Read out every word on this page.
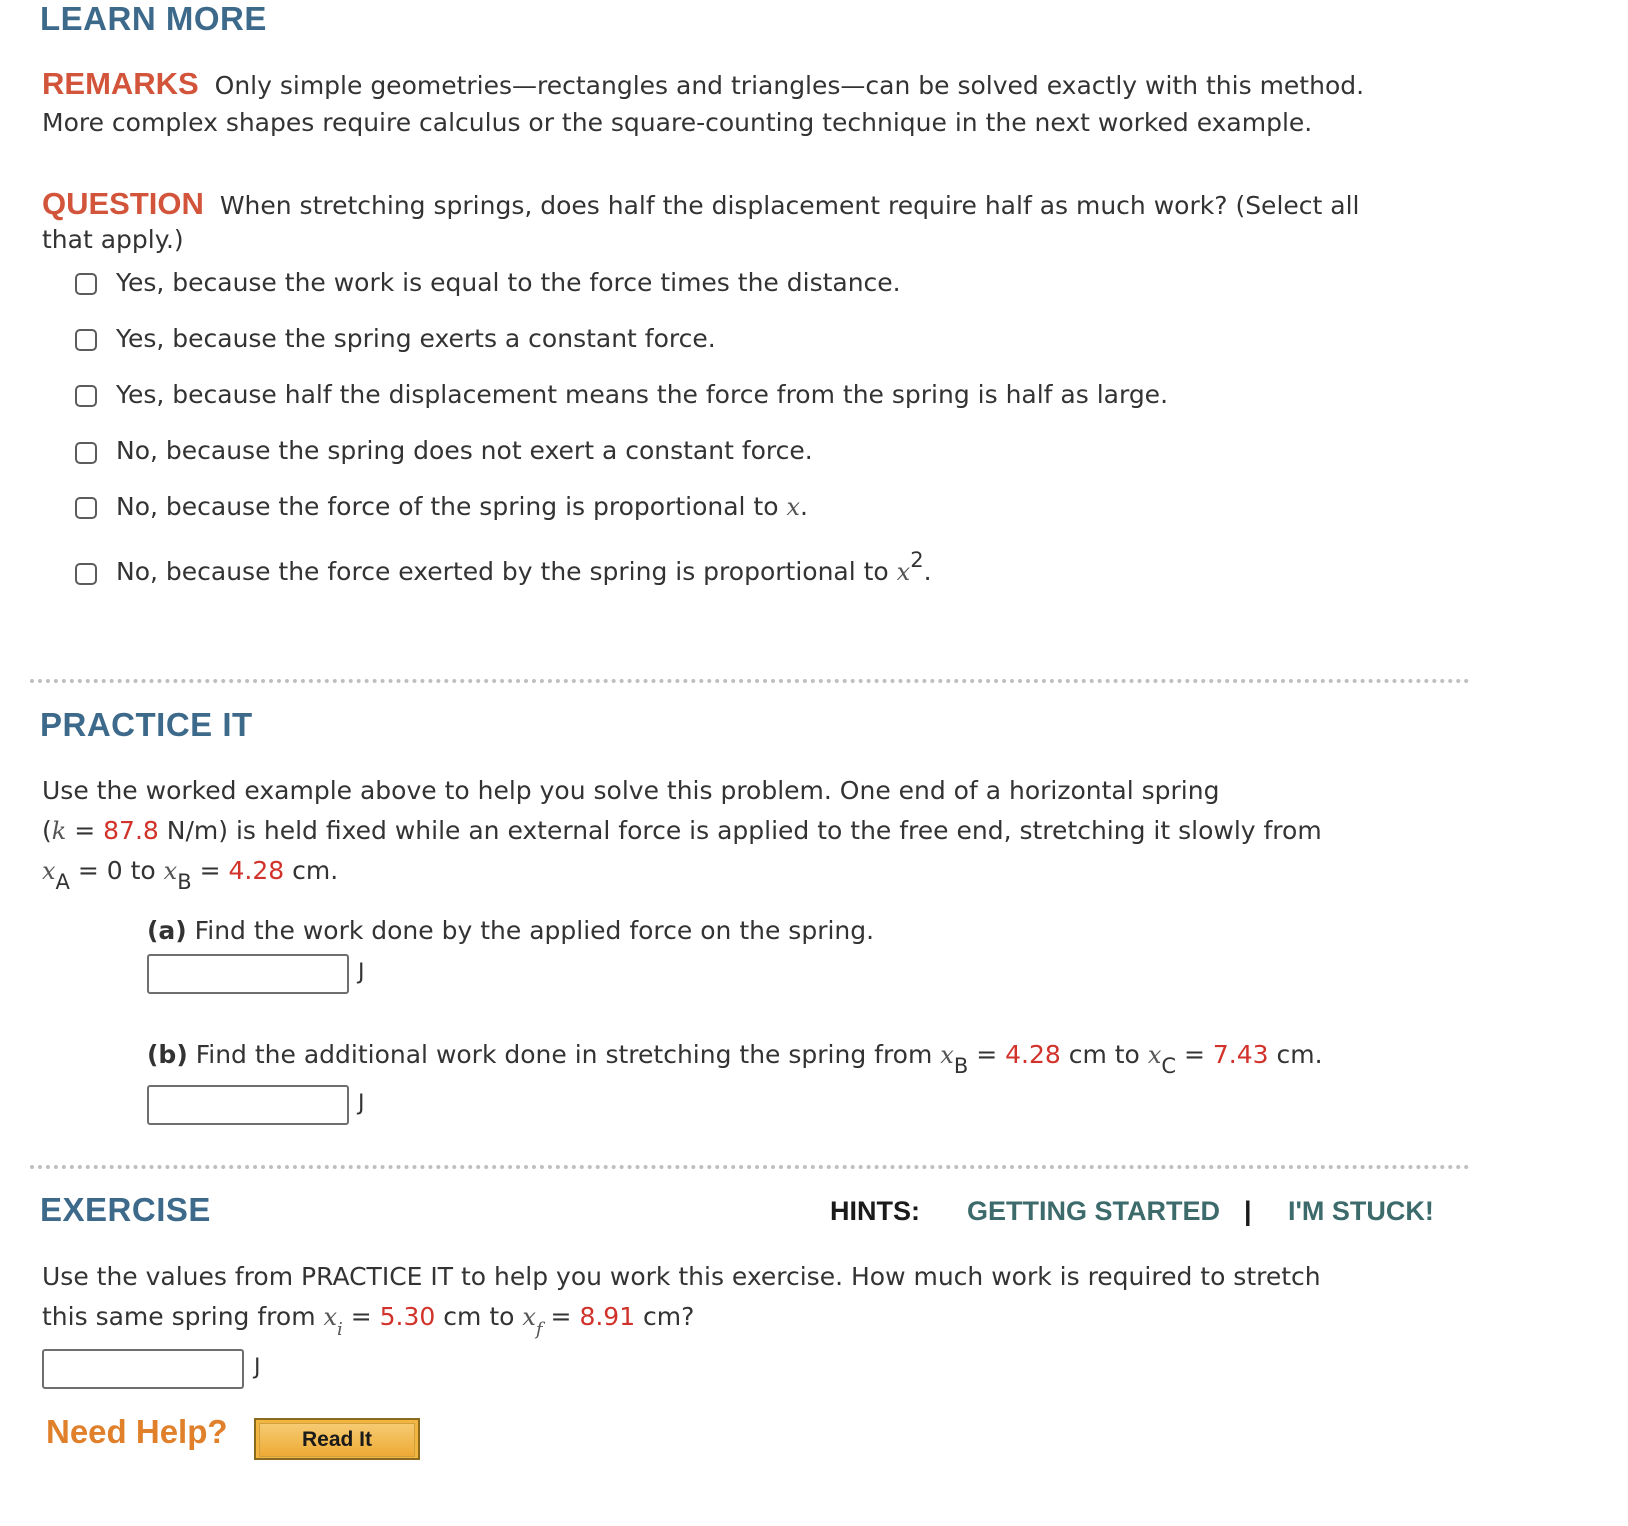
LEARN MORE
REMARKS Only simple geometries—rectangles and triangles—can be solved exactly with this method.
More complex shapes require calculus or the square-counting technique in the next worked example.
QUESTION When stretching springs, does half the displacement require half as much work? (Select all
that apply.)
Yes, because the work is equal to the force times the distance.
Yes, because the spring exerts a constant force.
Yes, because half the displacement means the force from the spring is half as large.
No, because the spring does not exert a constant force.
No, because the force of the spring is proportional to x.
No, because the force exerted by the spring is proportional to $x^2$.
PRACTICE IT
Use the worked example above to help you solve this problem. One end of a horizontal spring
(k = 87.8 N/m) is held fixed while an external force is applied to the free end, stretching it slowly from
$x_A = 0$ to $x_B = 4.28$ cm.
(a) Find the work done by the applied force on the spring.
J
(b) Find the additional work done in stretching the spring from $x_B = 4.28$ cm to $x_C = 7.43$ cm.
J
EXERCISE	HINTS: GETTING STARTED | I'M STUCK!
Use the values from PRACTICE IT to help you work this exercise. How much work is required to stretch
this same spring from $x_i = 5.30$ cm to $x_f = 8.91$ cm?
J
Need Help?	Read It
